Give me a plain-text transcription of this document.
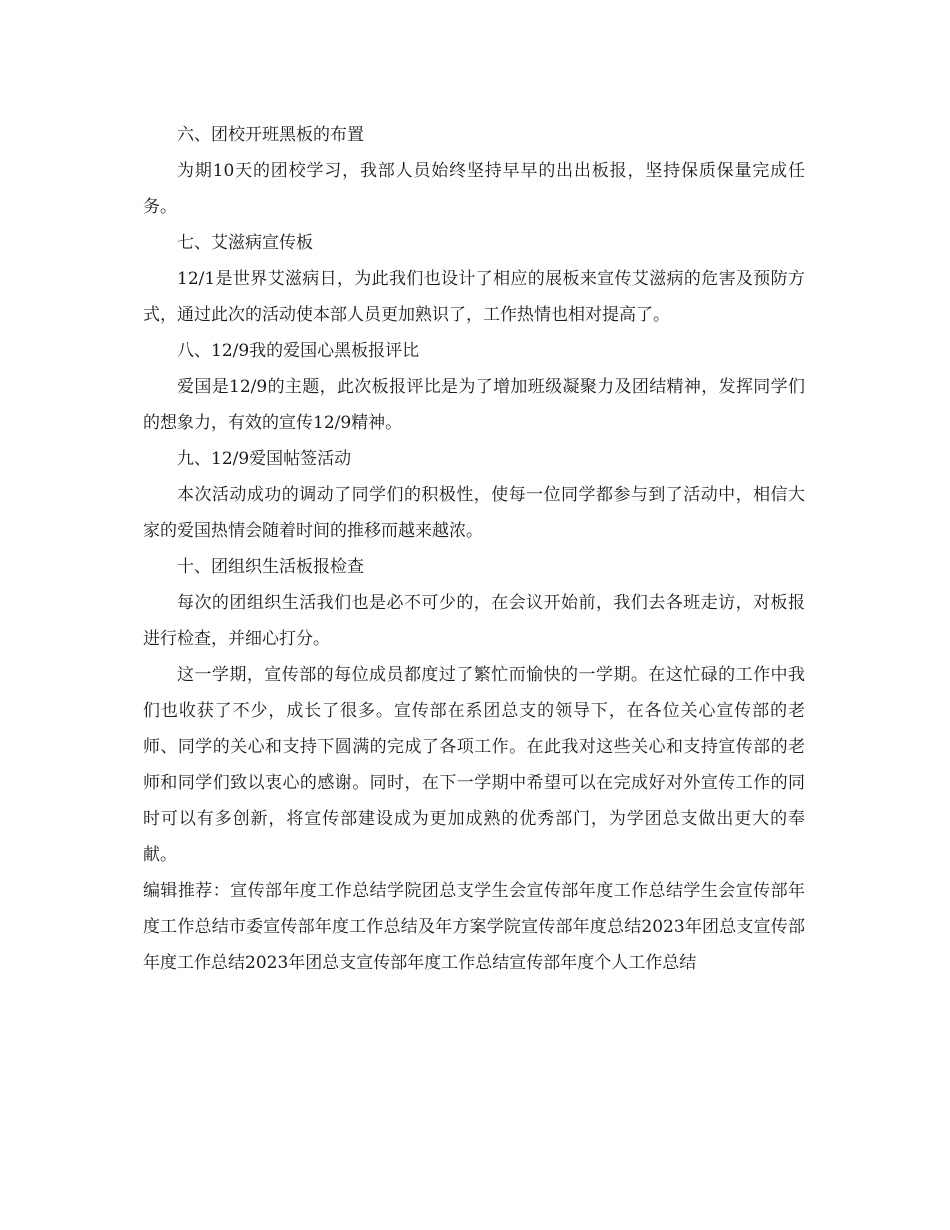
六、团校开班黑板的布置

为期10天的团校学习，我部人员始终坚持早早的出出板报，坚持保质保量完成任务。

七、艾滋病宣传板

12/1是世界艾滋病日，为此我们也设计了相应的展板来宣传艾滋病的危害及预防方式，通过此次的活动使本部人员更加熟识了，工作热情也相对提高了。

八、12/9我的爱国心黑板报评比

爱国是12/9的主题，此次板报评比是为了增加班级凝聚力及团结精神，发挥同学们的想象力，有效的宣传12/9精神。

九、12/9爱国帖签活动

本次活动成功的调动了同学们的积极性，使每一位同学都参与到了活动中，相信大家的爱国热情会随着时间的推移而越来越浓。

十、团组织生活板报检查

每次的团组织生活我们也是必不可少的，在会议开始前，我们去各班走访，对板报进行检查，并细心打分。

这一学期，宣传部的每位成员都度过了繁忙而愉快的一学期。在这忙碌的工作中我们也收获了不少，成长了很多。宣传部在系团总支的领导下，在各位关心宣传部的老师、同学的关心和支持下圆满的完成了各项工作。在此我对这些关心和支持宣传部的老师和同学们致以衷心的感谢。同时，在下一学期中希望可以在完成好对外宣传工作的同时可以有多创新，将宣传部建设成为更加成熟的优秀部门，为学团总支做出更大的奉献。

编辑推荐：宣传部年度工作总结学院团总支学生会宣传部年度工作总结学生会宣传部年度工作总结市委宣传部年度工作总结及年方案学院宣传部年度总结2023年团总支宣传部年度工作总结2023年团总支宣传部年度工作总结宣传部年度个人工作总结
